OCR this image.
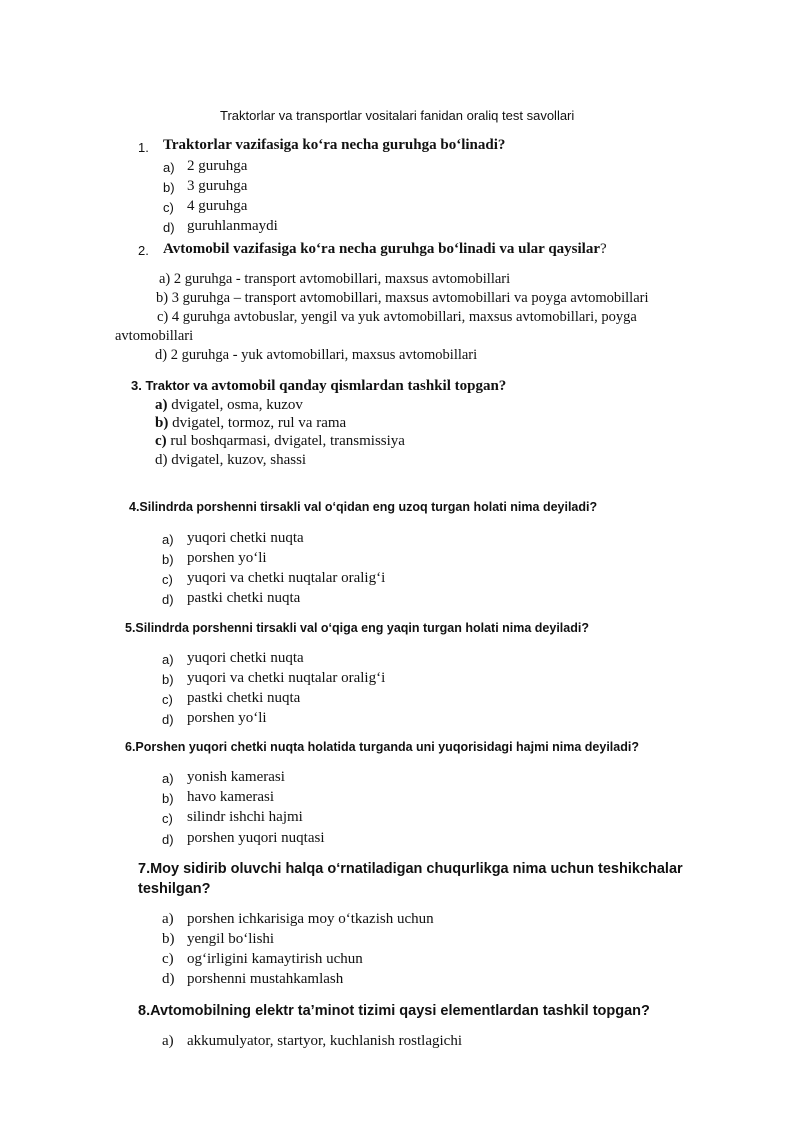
Traktorlar va transportlar vositalari fanidan oraliq test savollari
1. Traktorlar vazifasiga ko‘ra necha guruhga bo‘linadi?
a) 2 guruhga
b) 3 guruhga
c) 4 guruhga
d) guruhlanmaydi
2. Avtomobil vazifasiga ko‘ra necha guruhga bo‘linadi va ular qaysilar?
a) 2 guruhga - transport avtomobillari, maxsus avtomobillari
b) 3 guruhga – transport avtomobillari, maxsus avtomobillari va poyga avtomobillari
c) 4 guruhga avtobuslar, yengil va yuk avtomobillari, maxsus avtomobillari, poyga
avtomobillari
d) 2 guruhga - yuk avtomobillari, maxsus avtomobillari
3. Traktor va avtomobil qanday qismlardan tashkil topgan?
a) dvigatel, osma, kuzov
b) dvigatel, tormoz, rul va rama
c) rul boshqarmasi, dvigatel, transmissiya
d) dvigatel, kuzov, shassi
4.Silindrda porshenni tirsakli val o‘qidan eng uzoq turgan holati nima deyiladi?
a) yuqori chetki nuqta
b) porshen yo‘li
c) yuqori va chetki nuqtalar oralig‘i
d) pastki chetki nuqta
5.Silindrda porshenni tirsakli val o‘qiga eng yaqin turgan holati nima deyiladi?
a) yuqori chetki nuqta
b) yuqori va chetki nuqtalar oralig‘i
c) pastki chetki nuqta
d) porshen yo‘li
6.Porshen yuqori chetki nuqta holatida turganda uni yuqorisidagi hajmi nima deyiladi?
a) yonish kamerasi
b) havo kamerasi
c) silindr ishchi hajmi
d) porshen yuqori nuqtasi
7.Moy sidirib oluvchi halqa o‘rnatiladigan chuqurlikga nima uchun teshikchalar
teshilgan?
a) porshen ichkarisiga moy o‘tkazish uchun
b) yengil bo‘lishi
c) og‘irligini kamaytirish uchun
d) porshenni mustahkamlash
8.Avtomobilning elektr ta’minot tizimi qaysi elementlardan tashkil topgan?
a) akkumulyator, startyor, kuchlanish rostlagichi
